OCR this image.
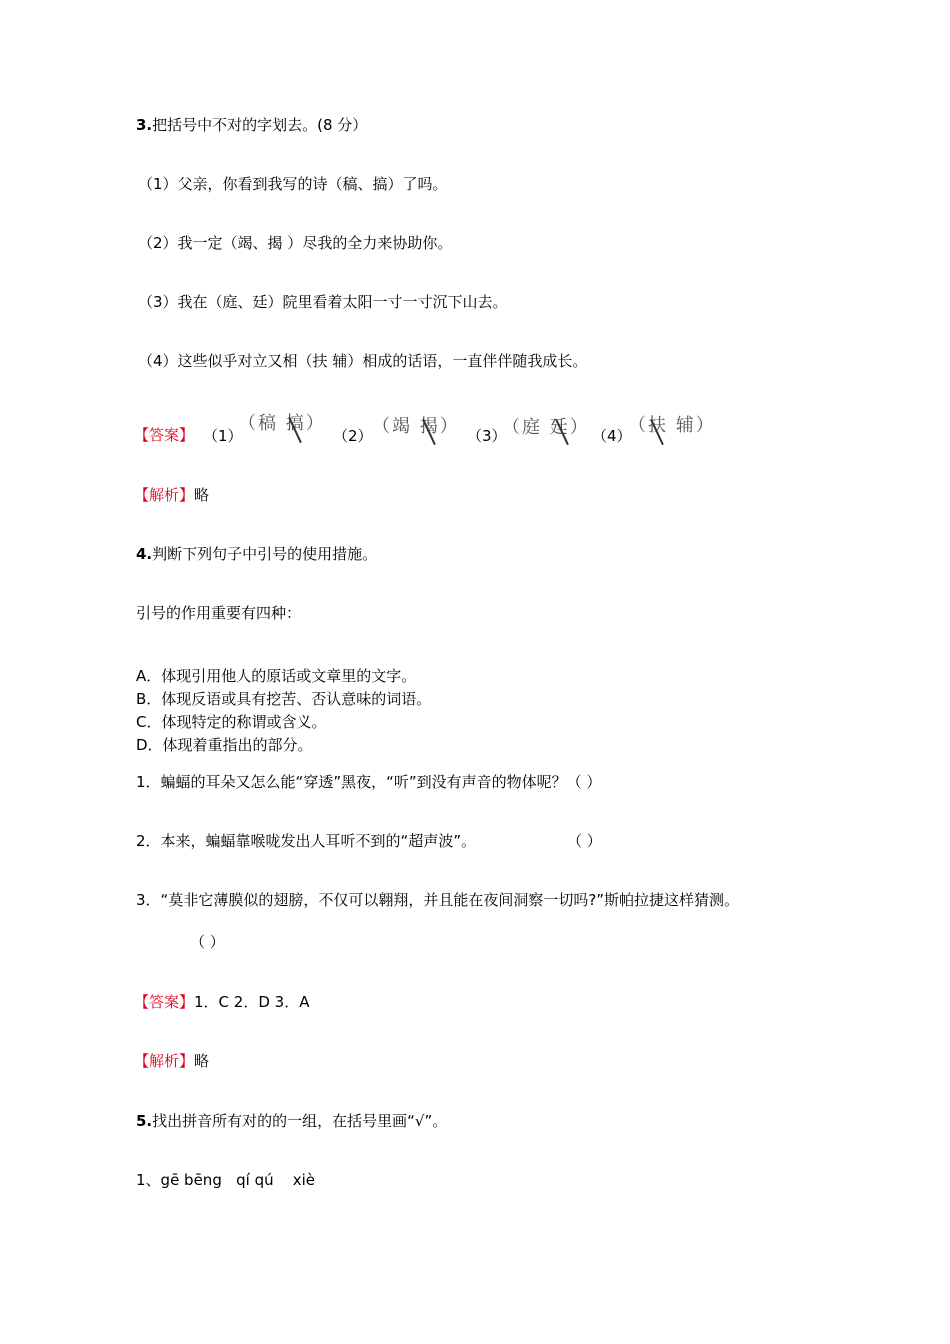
3.把括号中不对的字划去。(8 分）
（1）父亲，你看到我写的诗（稿、搞）了吗。
（2）我一定（竭、揭 ）尽我的全力来协助你。
（3）我在（庭、廷）院里看着太阳一寸一寸沉下山去。
（4）这些似乎对立又相（扶 辅）相成的话语，一直伴伴随我成长。
【答案】 （1）
（稿 搞）
（2） （竭 揭） （3）
（庭 廷） （4）
（扶 辅）
【解析】略
4.判断下列句子中引号的使用措施。
引号的作用重要有四种：
A．体现引用他人的原话或文章里的文字。
B．体现反语或具有挖苦、否认意味的词语。
C．体现特定的称谓或含义。
D．体现着重指出的部分。
1．蝙蝠的耳朵又怎么能“穿透”黑夜，“听”到没有声音的物体呢？（ ）
2．本来，蝙蝠靠喉咙发出人耳听不到的“超声波”。	（ ）
3．“莫非它薄膜似的翅膀，不仅可以翱翔，并且能在夜间洞察一切吗?”斯帕拉捷这样猜测。
（ ）
【答案】1．C 2．D 3．A
【解析】略
5.找出拼音所有对的的一组，在括号里画“√”。
1、gē bēng   qí qú    xiè
